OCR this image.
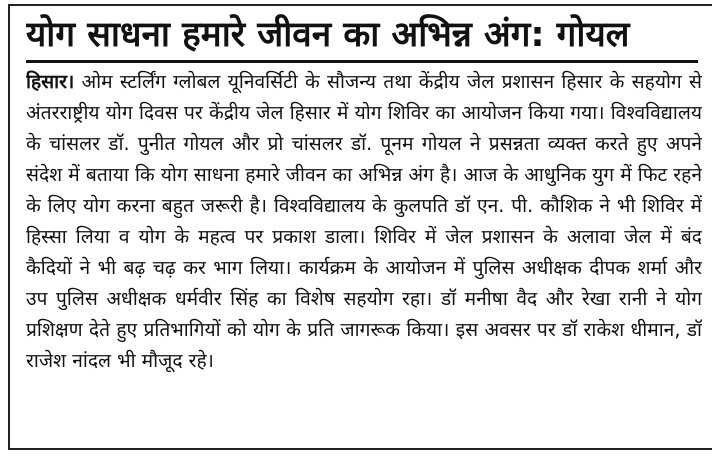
योग साधना हमारे जीवन का अभिन्न अंग: गोयल

हिसार। ओम स्टर्लिंग ग्लोबल यूनिवर्सिटी के सौजन्य तथा केंद्रीय जेल प्रशासन हिसार के सहयोग से अंतरराष्ट्रीय योग दिवस पर केंद्रीय जेल हिसार में योग शिविर का आयोजन किया गया। विश्वविद्यालय के चांसलर डॉ. पुनीत गोयल और प्रो चांसलर डॉ. पूनम गोयल ने प्रसन्नता व्यक्त करते हुए अपने संदेश में बताया कि योग साधना हमारे जीवन का अभिन्न अंग है। आज के आधुनिक युग में फिट रहने के लिए योग करना बहुत जरूरी है। विश्वविद्यालय के कुलपति डॉ एन. पी. कौशिक ने भी शिविर में हिस्सा लिया व योग के महत्व पर प्रकाश डाला। शिविर में जेल प्रशासन के अलावा जेल में बंद कैदियों ने भी बढ़ चढ़ कर भाग लिया। कार्यक्रम के आयोजन में पुलिस अधीक्षक दीपक शर्मा और उप पुलिस अधीक्षक धर्मवीर सिंह का विशेष सहयोग रहा। डॉ मनीषा वैद और रेखा रानी ने योग प्रशिक्षण देते हुए प्रतिभागियों को योग के प्रति जागरूक किया। इस अवसर पर डॉ राकेश धीमान, डॉ राजेश नांदल भी मौजूद रहे।
